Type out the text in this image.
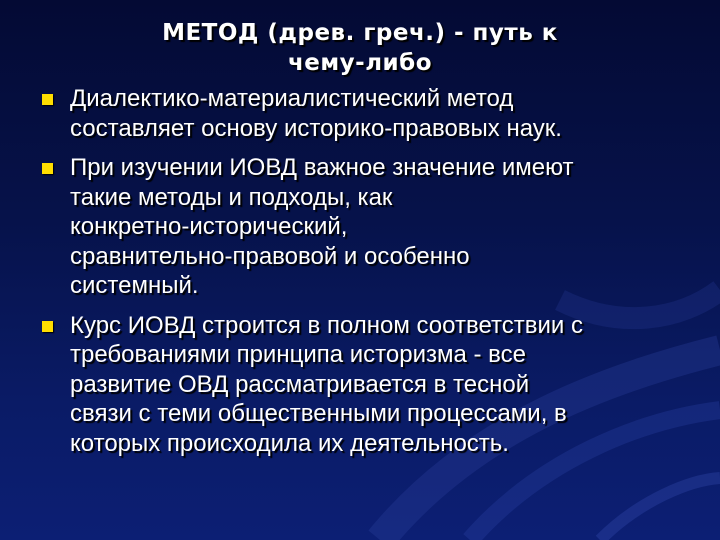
МЕТОД (древ. греч.) - путь к
чему-либо
Диалектико-материалистический метод
составляет основу историко-правовых наук.
При изучении ИОВД важное значение имеют
такие методы и подходы, как
конкретно-исторический,
сравнительно-правовой и особенно
системный.
Курс ИОВД строится в полном соответствии с
требованиями принципа историзма - все
развитие ОВД рассматривается в тесной
связи с теми общественными процессами, в
которых происходила их деятельность.
